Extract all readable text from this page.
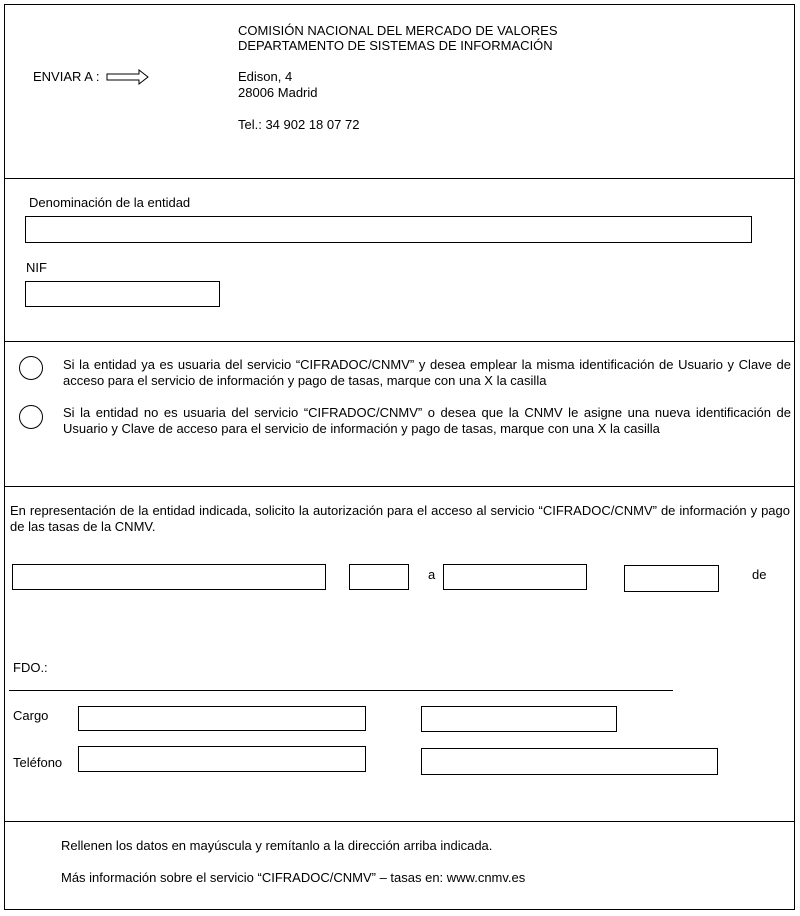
ENVIAR A :
COMISIÓN NACIONAL DEL MERCADO DE VALORES
DEPARTAMENTO DE SISTEMAS DE INFORMACIÓN
Edison, 4
28006 Madrid
Tel.: 34 902 18 07 72
Denominación de la entidad
NIF
Si la entidad ya es usuaria del servicio “CIFRADOC/CNMV” y desea emplear la misma identificación de Usuario y Clave de acceso para el servicio de información y pago de tasas, marque con una X la casilla
Si la entidad no es usuaria del servicio “CIFRADOC/CNMV” o desea que la CNMV le asigne una nueva identificación de Usuario y Clave de acceso para el servicio de información y pago de tasas, marque con una X la casilla
En representación de la entidad indicada, solicito la autorización para el acceso al servicio “CIFRADOC/CNMV” de información y pago de las tasas de la CNMV.
a	de
FDO.:
Cargo
Teléfono
Rellenen los datos en mayúscula y remítanlo a la dirección arriba indicada.
Más información sobre el servicio “CIFRADOC/CNMV” – tasas en: www.cnmv.es
